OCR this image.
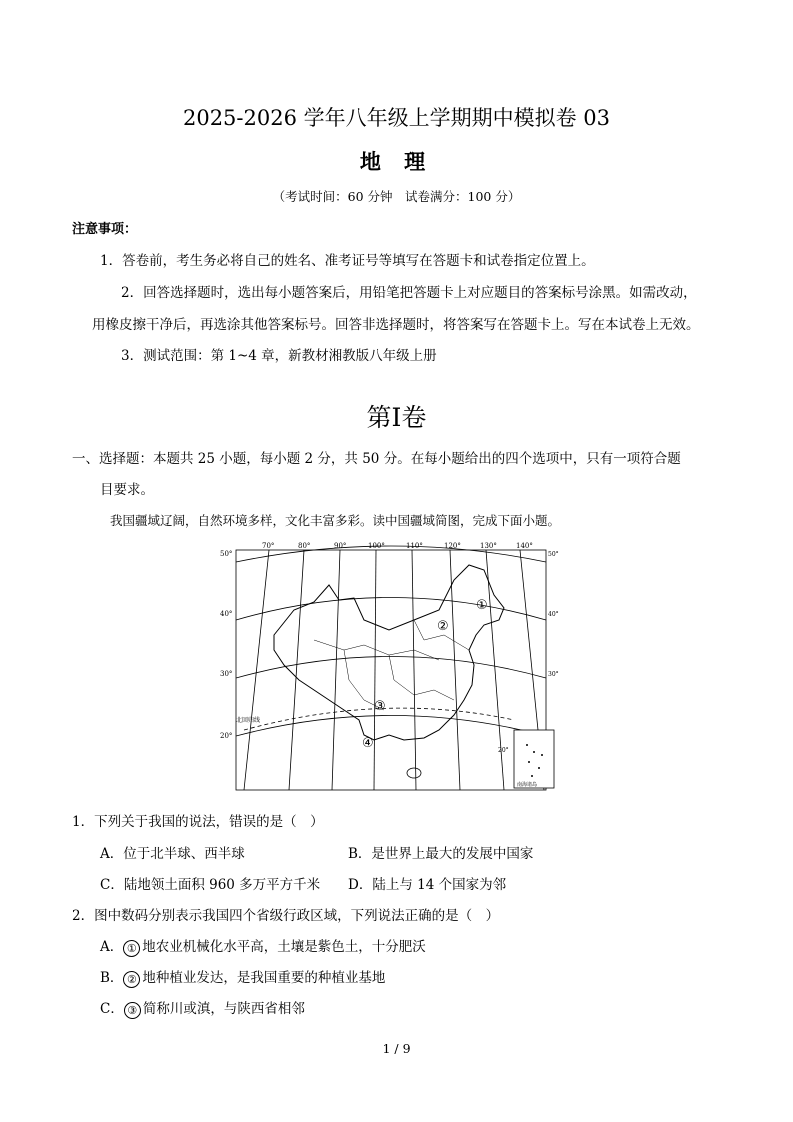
2025-2026 学年八年级上学期期中模拟卷 03
地 理
（考试时间：60 分钟　试卷满分：100 分）
注意事项：
1．答卷前，考生务必将自己的姓名、准考证号等填写在答题卡和试卷指定位置上。
2．回答选择题时，选出每小题答案后，用铅笔把答题卡上对应题目的答案标号涂黑。如需改动，
用橡皮擦干净后，再选涂其他答案标号。回答非选择题时，将答案写在答题卡上。写在本试卷上无效。
3．测试范围：第 1~4 章，新教材湘教版八年级上册
第Ⅰ卷
一、选择题：本题共 25 小题，每小题 2 分，共 50 分。在每小题给出的四个选项中，只有一项符合题
目要求。
我国疆域辽阔，自然环境多样，文化丰富多彩。读中国疆域简图，完成下面小题。
南海诸岛
70°	80°	90°	100°	110°	120°	130°	140°
50°
40°
30°
20°
50°
40°
30°
20°
北回归线
①
②
③
④
1．下列关于我国的说法，错误的是（　）
A．位于北半球、西半球	B．是世界上最大的发展中国家
C．陆地领土面积 960 多万平方千米 D．陆上与 14 个国家为邻
2．图中数码分别表示我国四个省级行政区域，下列说法正确的是（　）
A． ① 地农业机械化水平高，土壤是紫色土，十分肥沃
B． ② 地种植业发达，是我国重要的种植业基地
C． ③ 简称川或滇，与陕西省相邻
1 / 9
